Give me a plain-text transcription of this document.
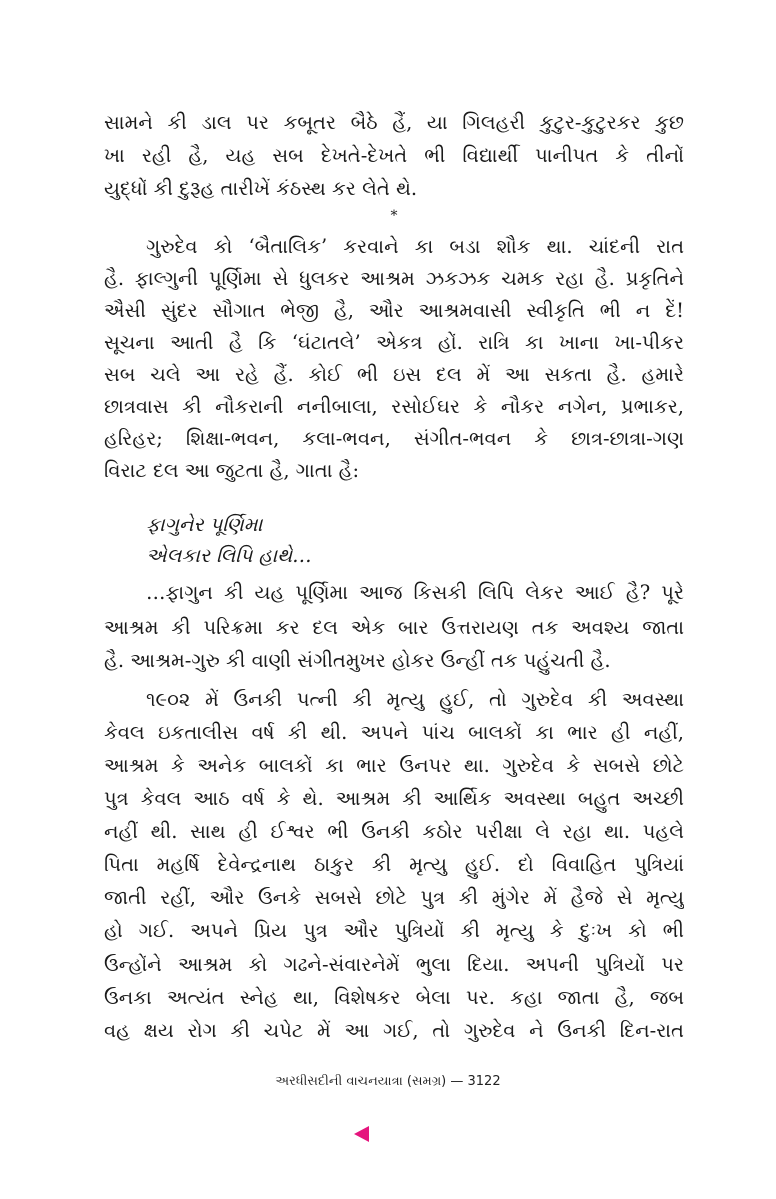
સામને કી ડાલ પર કબૂતર બૈઠે હૈં, યા ગિલહરી કુટુર-કુટુરકર કુછ
ખા રહી હૈ, યહ સબ દેખતે-દેખતે ભી વિદ્યાર્થી પાનીપત કે તીનોં
યુદ્ધોં કી દુરૂહ તારીખેં કંઠસ્થ કર લેતે થે.
*
ગુરુદેવ કો ‘બૈતાલિક’ કરવાને કા બડા શૌક થા. ચાંદની રાત
હૈ. ફાલ્ગુની પૂર્ણિમા સે ધુલકર આશ્રમ ઝકઝક ચમક રહા હૈ. પ્રકૃતિને
ઐસી સુંદર સૌગાત ભેજી હૈ, ઔર આશ્રમવાસી સ્વીકૃતિ ભી ન દેં!
સૂચના આતી હૈ કિ ‘ઘંટાતલે’ એકત્ર હોં. રાત્રિ કા ખાના ખા-પીકર
સબ ચલે આ રહે હૈં. કોઈ ભી ઇસ દલ મેં આ સકતા હૈ. હમારે
છાત્રવાસ કી નૌકરાની નનીબાલા, રસોઈઘર કે નૌકર નગેન, પ્રભાકર,
હરિહર; શિક્ષા-ભવન, કલા-ભવન, સંગીત-ભવન કે છાત્ર-છાત્રા-ગણ
વિરાટ દલ આ જુટતા હૈ, ગાતા હૈ:
ફાગુનેર પૂર્ણિમા
એલકાર લિપિ હાથે…
…ફાગુન કી યહ પૂર્ણિમા આજ કિસકી લિપિ લેકર આઈ હૈ? પૂરે
આશ્રમ કી પરિક્રમા કર દલ એક બાર ઉત્તરાયણ તક અવશ્ય જાતા
હૈ. આશ્રમ-ગુરુ કી વાણી સંગીતમુખર હોકર ઉન્હીં તક પહુંચતી હૈ.
૧૯૦૨ મેં ઉનકી પત્ની કી મૃત્યુ હુઈ, તો ગુરુદેવ કી અવસ્થા
કેવલ ઇકતાલીસ વર્ષ કી થી. અપને પાંચ બાલકોં કા ભાર હી નહીં,
આશ્રમ કે અનેક બાલકોં કા ભાર ઉનપર થા. ગુરુદેવ કે સબસે છોટે
પુત્ર કેવલ આઠ વર્ષ કે થે. આશ્રમ કી આર્થિક અવસ્થા બહુત અચ્છી
નહીં થી. સાથ હી ઈશ્વર ભી ઉનકી કઠોર પરીક્ષા લે રહા થા. પહલે
પિતા મહર્ષિ દેવેન્દ્રનાથ ઠાકુર કી મૃત્યુ હુઈ. દો વિવાહિત પુત્રિયાં
જાતી રહીં, ઔર ઉનકે સબસે છોટે પુત્ર કી મુંગેર મેં હૈજે સે મૃત્યુ
હો ગઈ. અપને પ્રિય પુત્ર ઔર પુત્રિયોં કી મૃત્યુ કે દુઃખ કો ભી
ઉન્હોંને આશ્રમ કો ગઢને-સંવારનેમેં ભુલા દિયા. અપની પુત્રિયોં પર
ઉનકા અત્યંત સ્નેહ થા, વિશેષકર બેલા પર. કહા જાતા હૈ, જબ
વહ ક્ષય રોગ કી ચપેટ મેં આ ગઈ, તો ગુરુદેવ ને ઉનકી દિન-રાત
અરધીસદીની વાચનયાત્રા (સમગ્ર) — 3122
